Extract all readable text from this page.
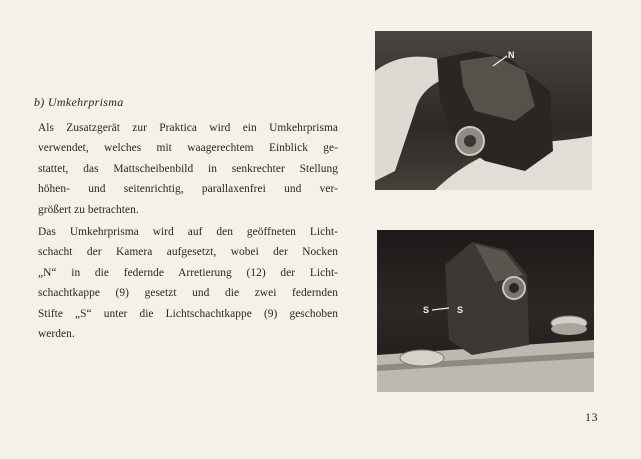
b) Umkehrprisma
Als Zusatzgerät zur Praktica wird ein Umkehrprisma
verwendet, welches mit waagerechtem Einblick ge-
stattet, das Mattscheibenbild in senkrechter Stellung
höhen- und seitenrichtig, parallaxenfrei und ver-
größert zu betrachten.
Das Umkehrprisma wird auf den geöffneten Licht-
schacht der Kamera aufgesetzt, wobei der Nocken
„N“ in die federnde Arretierung (12) der Licht-
schachtkappe (9) gesetzt und die zwei federnden
Stifte „S“ unter die Lichtschachtkappe (9) geschoben
werden.
N
S	S
13
